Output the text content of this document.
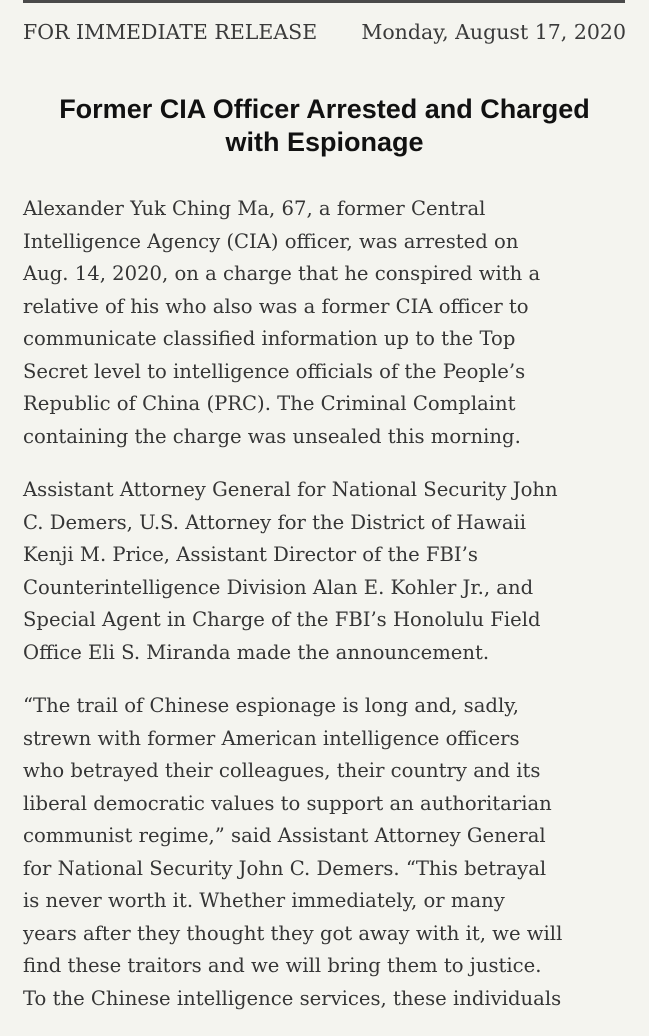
FOR IMMEDIATE RELEASE Monday, August 17, 2020
Former CIA Officer Arrested and Charged
with Espionage

Alexander Yuk Ching Ma, 67, a former Central
Intelligence Agency (CIA) officer, was arrested on
Aug. 14, 2020, on a charge that he conspired with a
relative of his who also was a former CIA officer to
communicate classified information up to the Top
Secret level to intelligence officials of the People’s
Republic of China (PRC). The Criminal Complaint
containing the charge was unsealed this morning.

Assistant Attorney General for National Security John
C. Demers, U.S. Attorney for the District of Hawaii
Kenji M. Price, Assistant Director of the FBI’s
Counterintelligence Division Alan E. Kohler Jr., and
Special Agent in Charge of the FBI’s Honolulu Field
Office Eli S. Miranda made the announcement.

“The trail of Chinese espionage is long and, sadly,
strewn with former American intelligence officers
who betrayed their colleagues, their country and its
liberal democratic values to support an authoritarian
communist regime,” said Assistant Attorney General
for National Security John C. Demers. “This betrayal
is never worth it. Whether immediately, or many
years after they thought they got away with it, we will
find these traitors and we will bring them to justice.
To the Chinese intelligence services, these individuals
